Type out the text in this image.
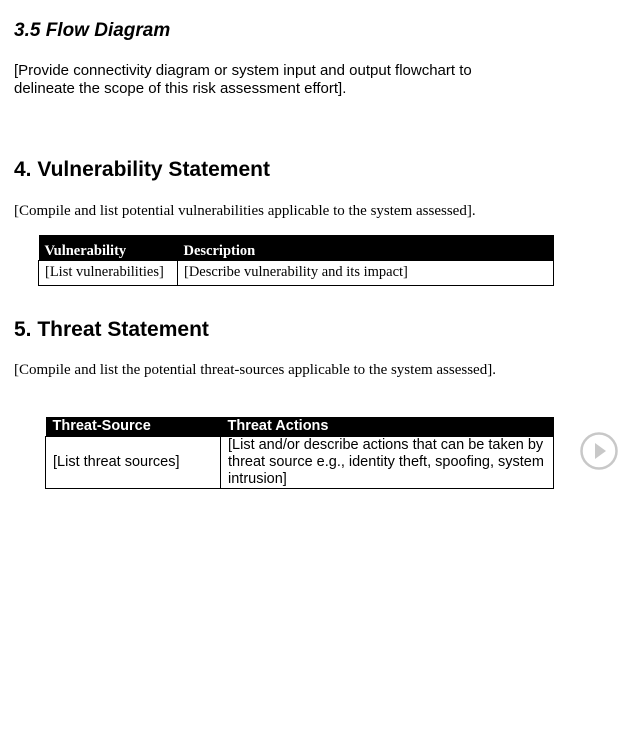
3.5 Flow Diagram
[Provide connectivity diagram or system input and output flowchart to delineate the scope of this risk assessment effort].
4. Vulnerability Statement
[Compile and list potential vulnerabilities applicable to the system assessed].
Vulnerability	Description
[List vulnerabilities]	[Describe vulnerability and its impact]
5. Threat Statement
[Compile and list the potential threat-sources applicable to the system assessed].
Threat-Source	Threat Actions
[List threat sources]	[List and/or describe actions that can be taken by threat source e.g., identity theft, spoofing, system intrusion]
